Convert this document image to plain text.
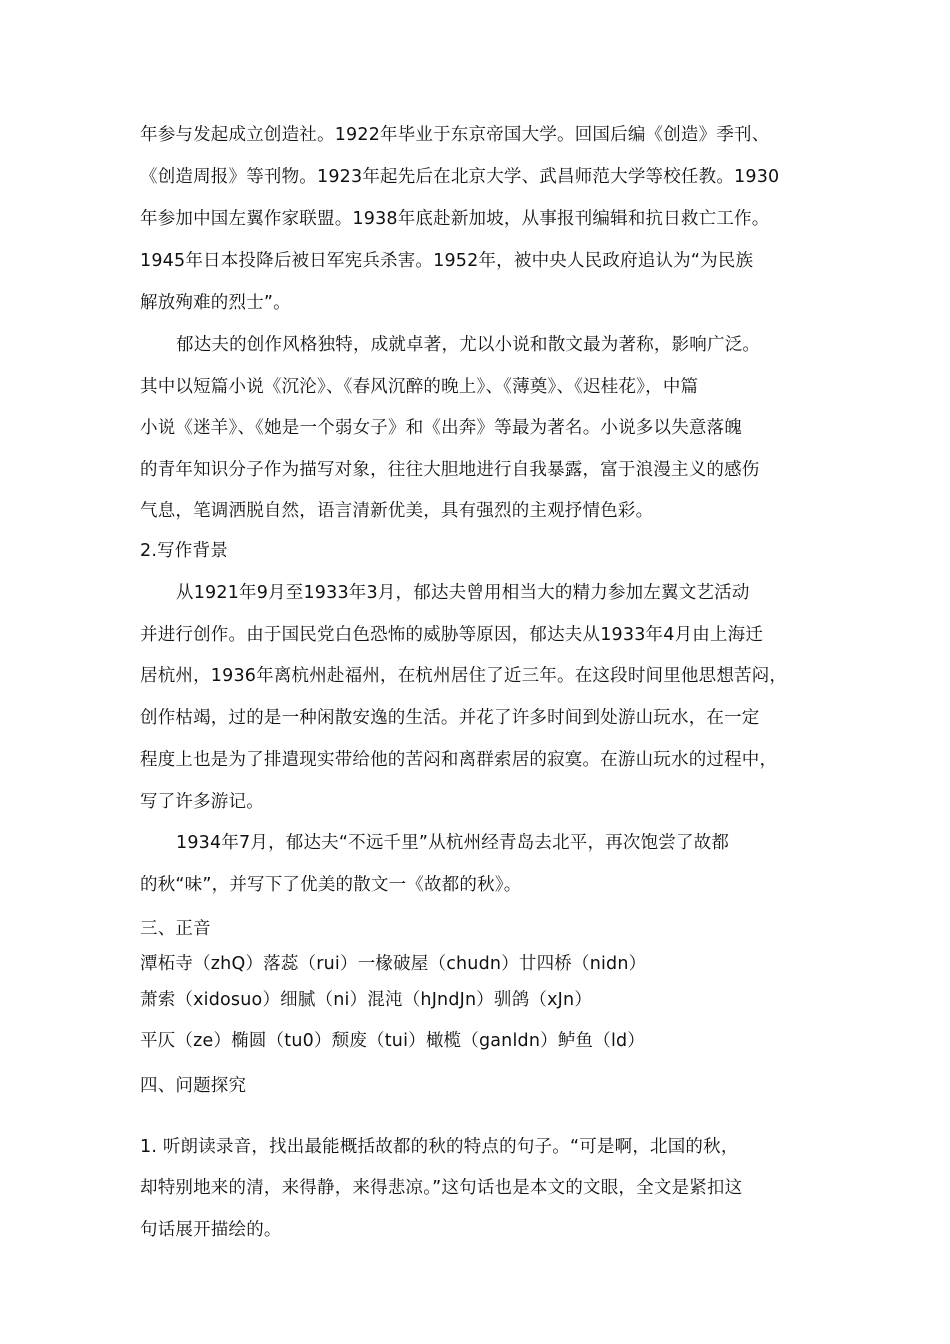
年参与发起成立创造社。1922年毕业于东京帝国大学。回国后编《创造》季刊、

《创造周报》等刊物。1923年起先后在北京大学、武昌师范大学等校任教。1930

年参加中国左翼作家联盟。1938年底赴新加坡，从事报刊编辑和抗日救亡工作。

1945年日本投降后被日军宪兵杀害。1952年，被中央人民政府追认为“为民族

解放殉难的烈士”。

郁达夫的创作风格独特，成就卓著，尤以小说和散文最为著称，影响广泛。

其中以短篇小说《沉沦》、《春风沉醉的晚上》、《薄奠》、《迟桂花》，中篇

小说《迷羊》、《她是一个弱女子》和《出奔》等最为著名。小说多以失意落魄

的青年知识分子作为描写对象，往往大胆地进行自我暴露，富于浪漫主义的感伤

气息，笔调洒脱自然，语言清新优美，具有强烈的主观抒情色彩。

2.写作背景

从1921年9月至1933年3月，郁达夫曾用相当大的精力参加左翼文艺活动

并进行创作。由于国民党白色恐怖的威胁等原因，郁达夫从1933年4月由上海迁

居杭州，1936年离杭州赴福州，在杭州居住了近三年。在这段时间里他思想苦闷，

创作枯竭，过的是一种闲散安逸的生活。并花了许多时间到处游山玩水，在一定

程度上也是为了排遣现实带给他的苦闷和离群索居的寂寞。在游山玩水的过程中，

写了许多游记。

1934年7月，郁达夫“不远千里”从杭州经青岛去北平，再次饱尝了故都

的秋“味”，并写下了优美的散文一《故都的秋》。

三、正音

潭柘寺（zhQ）落蕊（rui）一椽破屋（chudn）廿四桥（nidn）

萧索（xidosuo）细腻（ni）混沌（hJndJn）驯鸽（xJn）

平仄（ze）椭圆（tu0）颓废（tui）橄榄（ganldn）鲈鱼（ld）

四、问题探究

1. 听朗读录音，找出最能概括故都的秋的特点的句子。“可是啊，北国的秋，

却特别地来的清，来得静，来得悲凉。”这句话也是本文的文眼，全文是紧扣这

句话展开描绘的。
